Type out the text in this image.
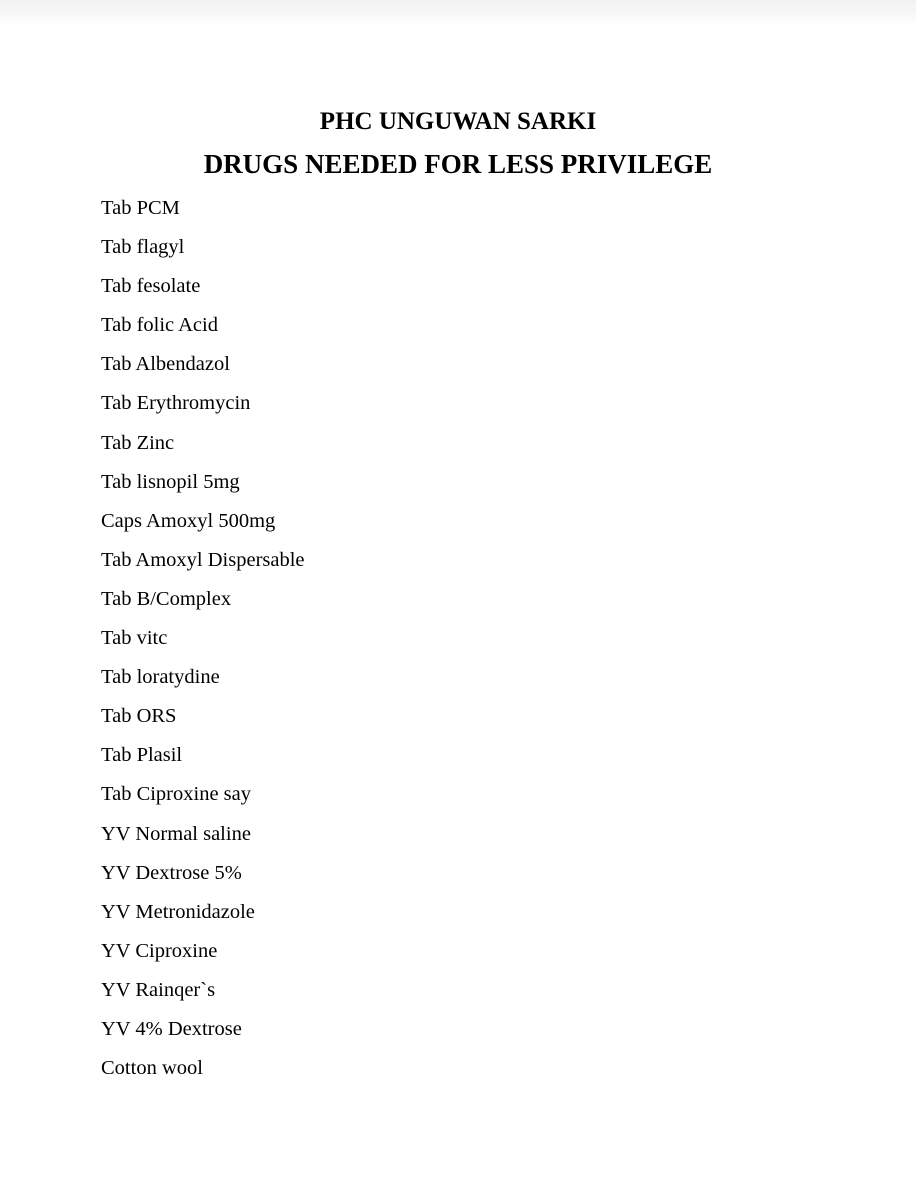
PHC UNGUWAN SARKI
DRUGS NEEDED FOR LESS PRIVILEGE
Tab PCM
Tab flagyl
Tab fesolate
Tab folic Acid
Tab Albendazol
Tab Erythromycin
Tab Zinc
Tab lisnopil 5mg
Caps Amoxyl 500mg
Tab Amoxyl Dispersable
Tab B/Complex
Tab vitc
Tab loratydine
Tab ORS
Tab Plasil
Tab Ciproxine say
YV Normal saline
YV Dextrose 5%
YV Metronidazole
YV Ciproxine
YV Rainqer`s
YV 4% Dextrose
Cotton wool
